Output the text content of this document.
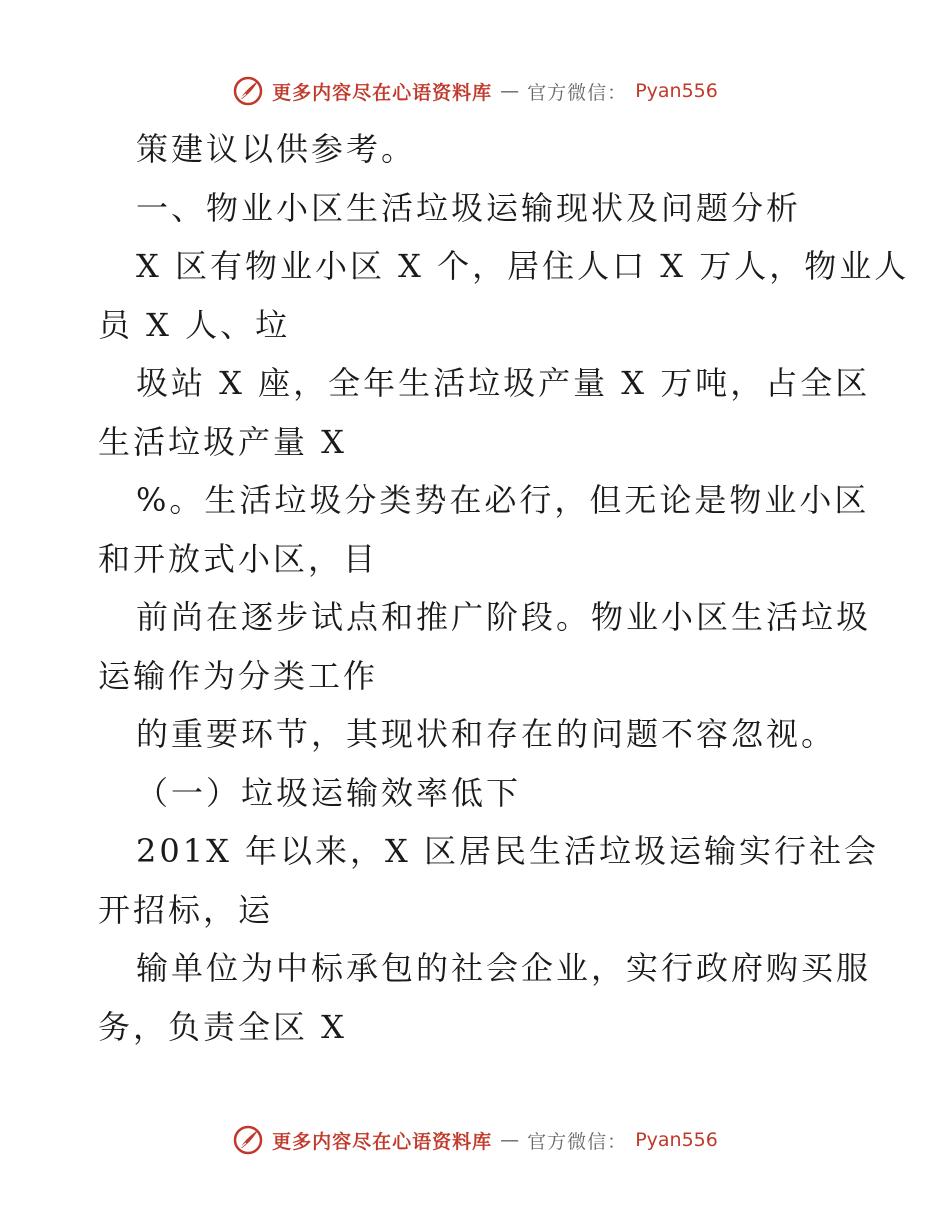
更多内容尽在心语资料库 — 官方微信： Pyan556
策建议以供参考。
一、物业小区生活垃圾运输现状及问题分析
X 区有物业小区 X 个，居住人口 X 万人，物业人
员 X 人、垃
圾站 X 座，全年生活垃圾产量 X 万吨，占全区
生活垃圾产量 X
%。生活垃圾分类势在必行，但无论是物业小区
和开放式小区，目
前尚在逐步试点和推广阶段。物业小区生活垃圾
运输作为分类工作
的重要环节，其现状和存在的问题不容忽视。
（一）垃圾运输效率低下
201X 年以来，X 区居民生活垃圾运输实行社会
开招标，运
输单位为中标承包的社会企业，实行政府购买服
务，负责全区 X
更多内容尽在心语资料库 — 官方微信： Pyan556
